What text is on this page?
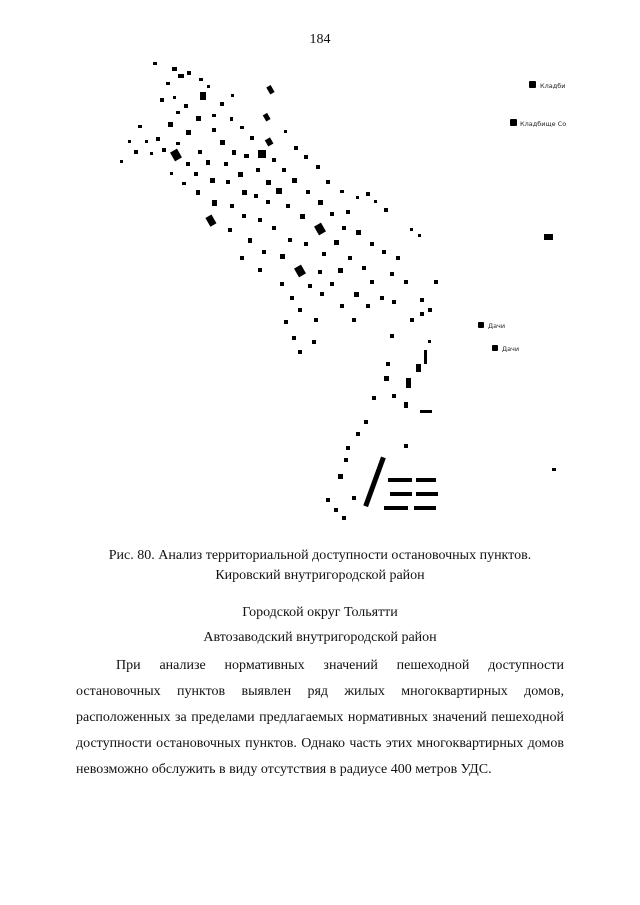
184
Кладби
Кладбище Со
Дачи
Дачи
Рис. 80. Анализ территориальной доступности остановочных пунктов.
Кировский внутригородской район
Городской округ Тольятти
Автозаводский внутригородской район

При анализе нормативных значений пешеходной доступности остановочных пунктов выявлен ряд жилых многоквартирных домов, расположенных за пределами предлагаемых нормативных значений пешеходной доступности остановочных пунктов. Однако часть этих многоквартирных домов невозможно обслужить в виду отсутствия в радиусе 400 метров УДС.
